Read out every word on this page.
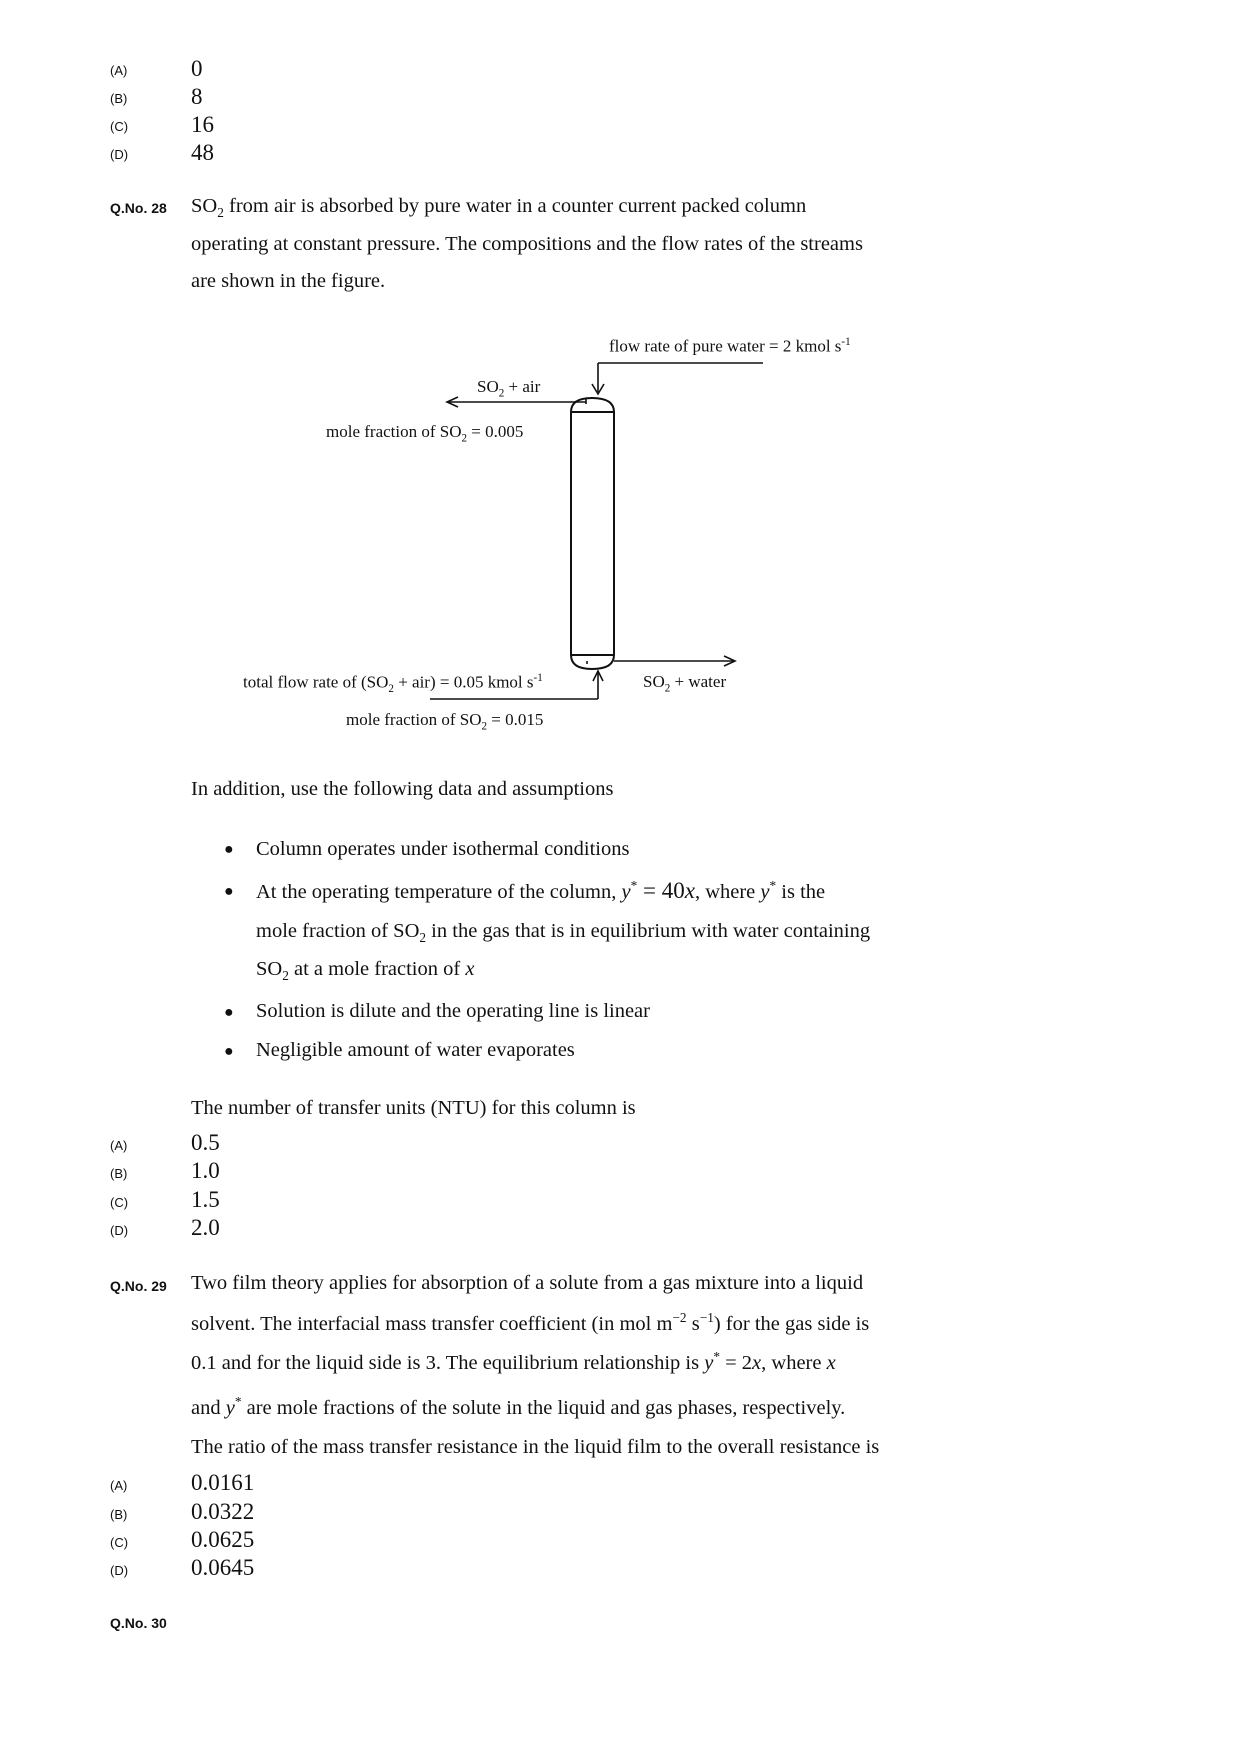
(A)	0
(B)	8
(C)	16
(D)	48
Q.No. 28 $SO_2$ from air is absorbed by pure water in a counter current packed column
operating at constant pressure. The compositions and the flow rates of the streams
are shown in the figure.
flow rate of pure water = 2 kmol $s^{-1}$
$SO_2$ + air
mole fraction of $SO_2 = 0.005$
total flow rate of $(SO_2 + air) = 0.05$ kmol $s^{-1}$
mole fraction of $SO_2 = 0.015$
$SO_2$ + water
In addition, use the following data and assumptions
● Column operates under isothermal conditions
● At the operating temperature of the column, y* = 40x, where y* is the
mole fraction of $SO_2$ in the gas that is in equilibrium with water containing
$SO_2$ at a mole fraction of x
● Solution is dilute and the operating line is linear
● Negligible amount of water evaporates
The number of transfer units (NTU) for this column is
(A)	0.5
(B)	1.0
(C)	1.5
(D)	2.0
Q.No. 29 Two film theory applies for absorption of a solute from a gas mixture into a liquid
solvent. The interfacial mass transfer coefficient (in mol $m^{-2}$ $s^{-1}$) for the gas side is
0.1 and for the liquid side is 3. The equilibrium relationship is y* = 2x, where x
and y* are mole fractions of the solute in the liquid and gas phases, respectively.
The ratio of the mass transfer resistance in the liquid film to the overall resistance is
(A)	0.0161
(B)	0.0322
(C)	0.0625
(D)	0.0645
Q.No. 30
